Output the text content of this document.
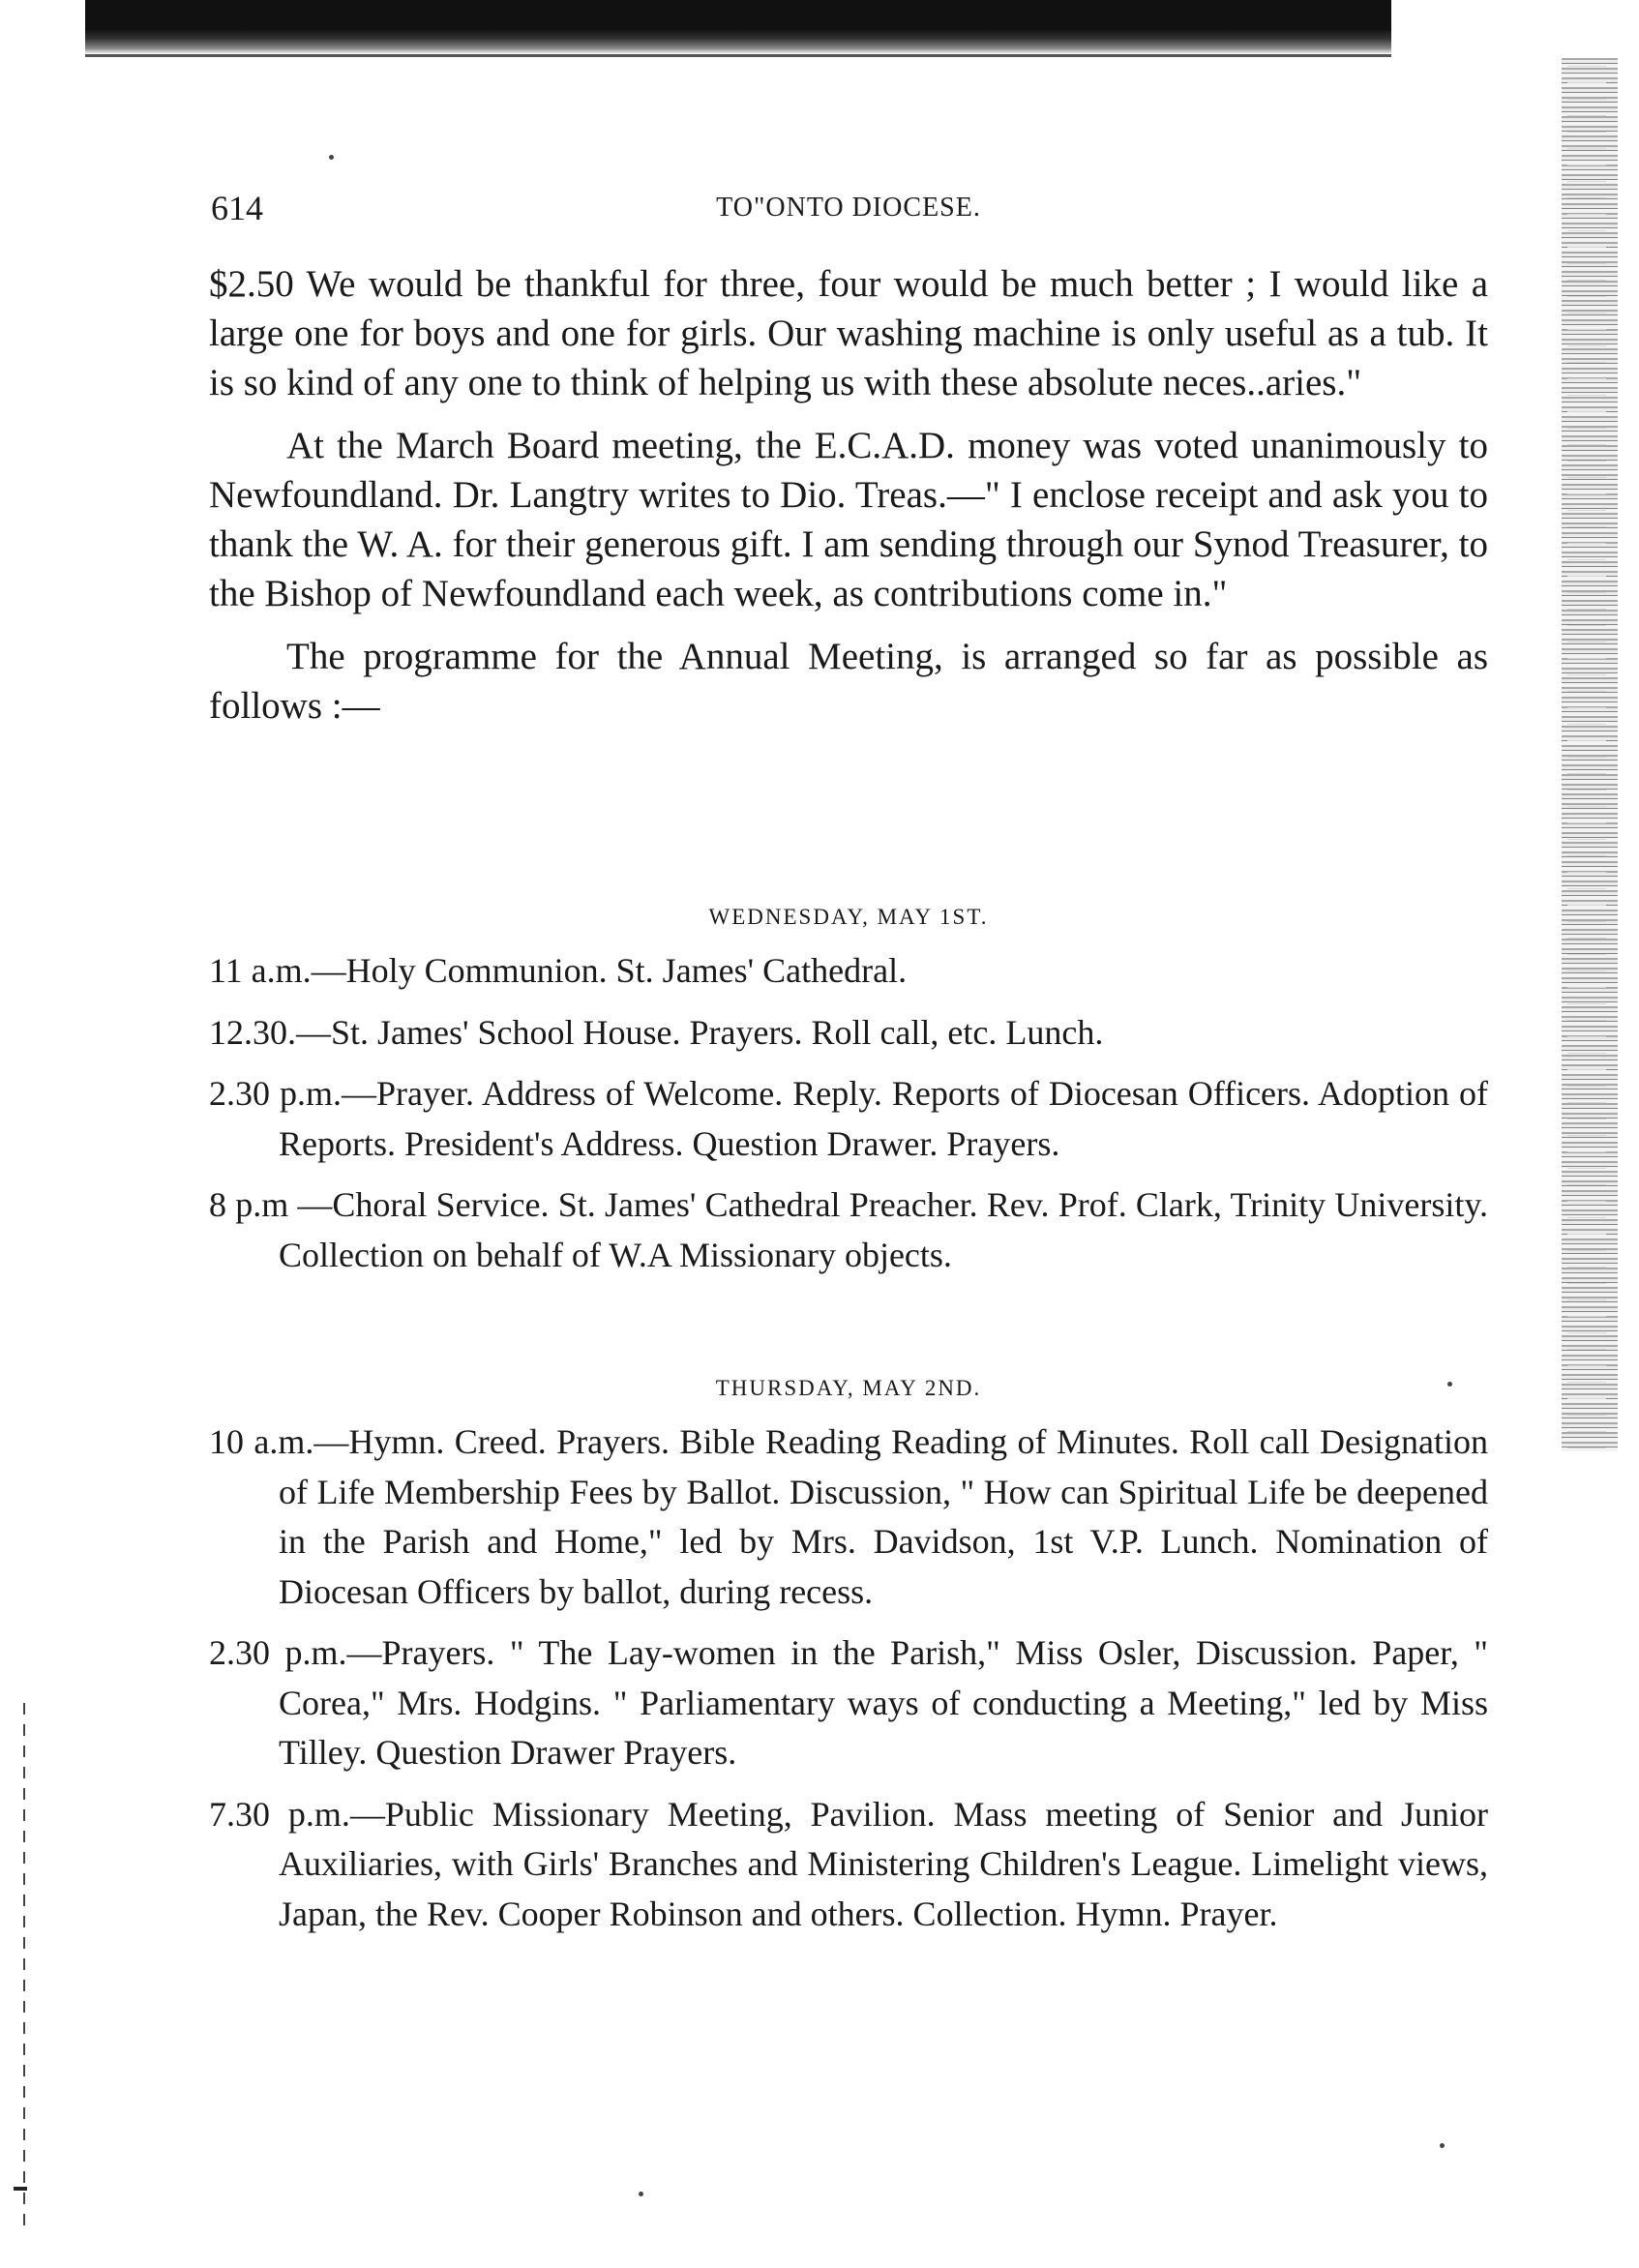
TO"ONTO DIOCESE.
614

$2.50 We would be thankful for three, four would be much better ; I would like a large one for boys and one for girls. Our washing machine is only useful as a tub. It is so kind of any one to think of helping us with these absolute neces..aries."

At the March Board meeting, the E.C.A.D. money was voted unanimously to Newfoundland. Dr. Langtry writes to Dio. Treas.—" I enclose receipt and ask you to thank the W. A. for their generous gift. I am sending through our Synod Treasurer, to the Bishop of Newfoundland each week, as contributions come in."

The programme for the Annual Meeting, is arranged so far as possible as follows :—

WEDNESDAY, MAY 1ST.
11 a.m.—Holy Communion. St. James' Cathedral.
12.30.—St. James' School House. Prayers. Roll call, etc. Lunch.
2.30 p.m.—Prayer. Address of Welcome. Reply. Reports of Diocesan Officers. Adoption of Reports. President's Address. Question Drawer. Prayers.
8 p.m —Choral Service. St. James' Cathedral Preacher. Rev. Prof. Clark, Trinity University. Collection on behalf of W.A Missionary objects.
THURSDAY, MAY 2ND.
10 a.m.—Hymn. Creed. Prayers. Bible Reading Reading of Minutes. Roll call Designation of Life Membership Fees by Ballot. Discussion, " How can Spiritual Life be deepened in the Parish and Home," led by Mrs. Davidson, 1st V.P. Lunch. Nomination of Diocesan Officers by ballot, during recess.
2.30 p.m.—Prayers. " The Lay-women in the Parish," Miss Osler, Discussion. Paper, " Corea," Mrs. Hodgins. " Parliamentary ways of conducting a Meeting," led by Miss Tilley. Question Drawer Prayers.
7.30 p.m.—Public Missionary Meeting, Pavilion. Mass meeting of Senior and Junior Auxiliaries, with Girls' Branches and Ministering Children's League. Limelight views, Japan, the Rev. Cooper Robinson and others. Collection. Hymn. Prayer.
